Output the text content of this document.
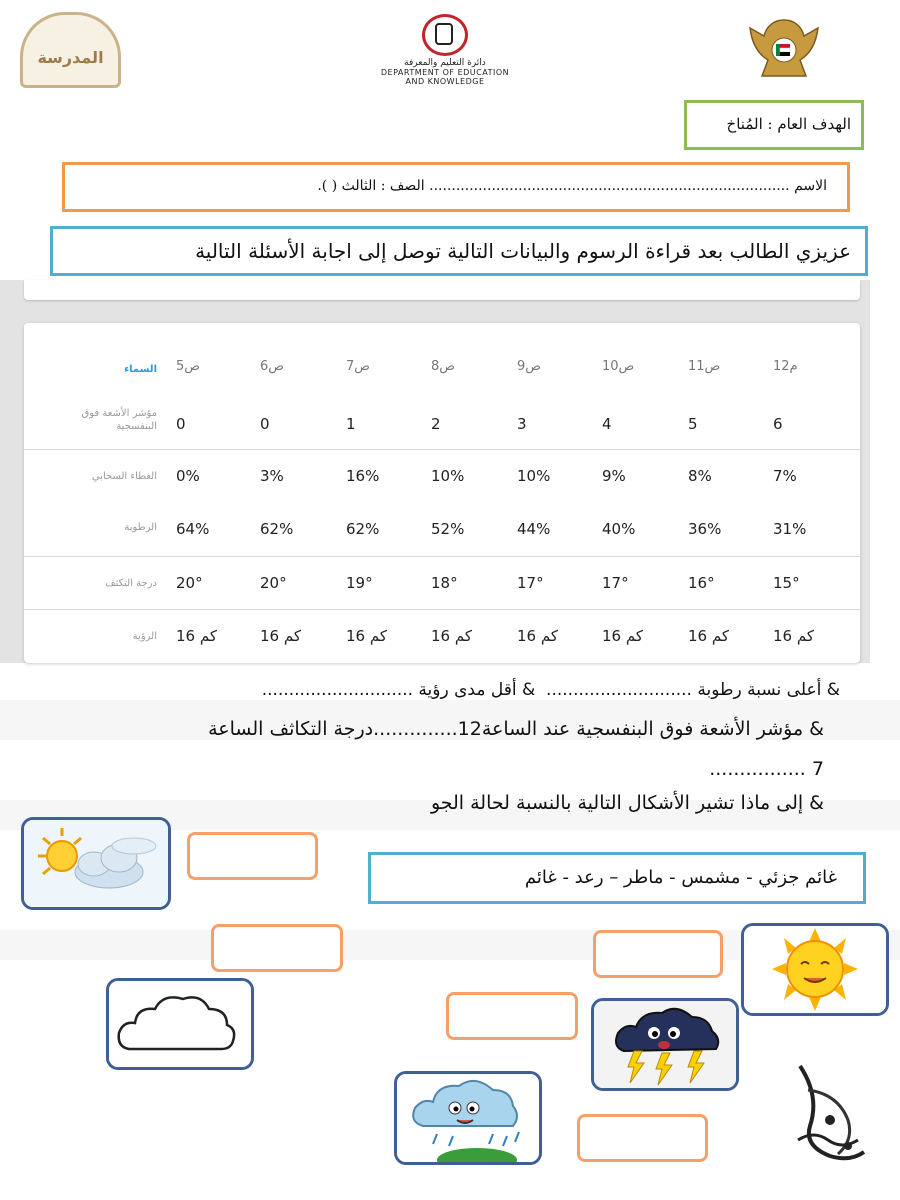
المدرسة	دائرة التعليم والمعرفة
DEPARTMENT OF EDUCATION
AND KNOWLEDGE
الهدف العام : المُناخ
الاسم ................................................................................. الصف : الثالث ( ).
عزيزي الطالب بعد قراءة الرسوم والبيانات التالية توصل إلى اجابة الأسئلة التالية
السماء 5ص	6ص	7ص	8ص	9ص	10ص	11ص	12م
مؤشر الأشعة فوق البنفسجية 0	0	1	2	3	4	5	6
الغطاء السحابي 0%	3%	16%	10%	10%	9%	8%	7%
الرطوبة 64%	62%	62%	52%	44%	40%	36%	31%
درجة التكثف 20°	20°	19°	18°	17°	17°	16°	15°
الرؤية 16 كم	16 كم	16 كم	16 كم	16 كم	16 كم	16 كم	16 كم
& أعلى نسبة رطوبة ...........................  & أقل مدى رؤية ............................
& مؤشر الأشعة فوق البنفسجية عند الساعة12..............درجة التكاثف الساعة
7 ................
& إلى ماذا تشير الأشكال التالية بالنسبة لحالة الجو
غائم جزئي - مشمس - ماطر – رعد - غائم
